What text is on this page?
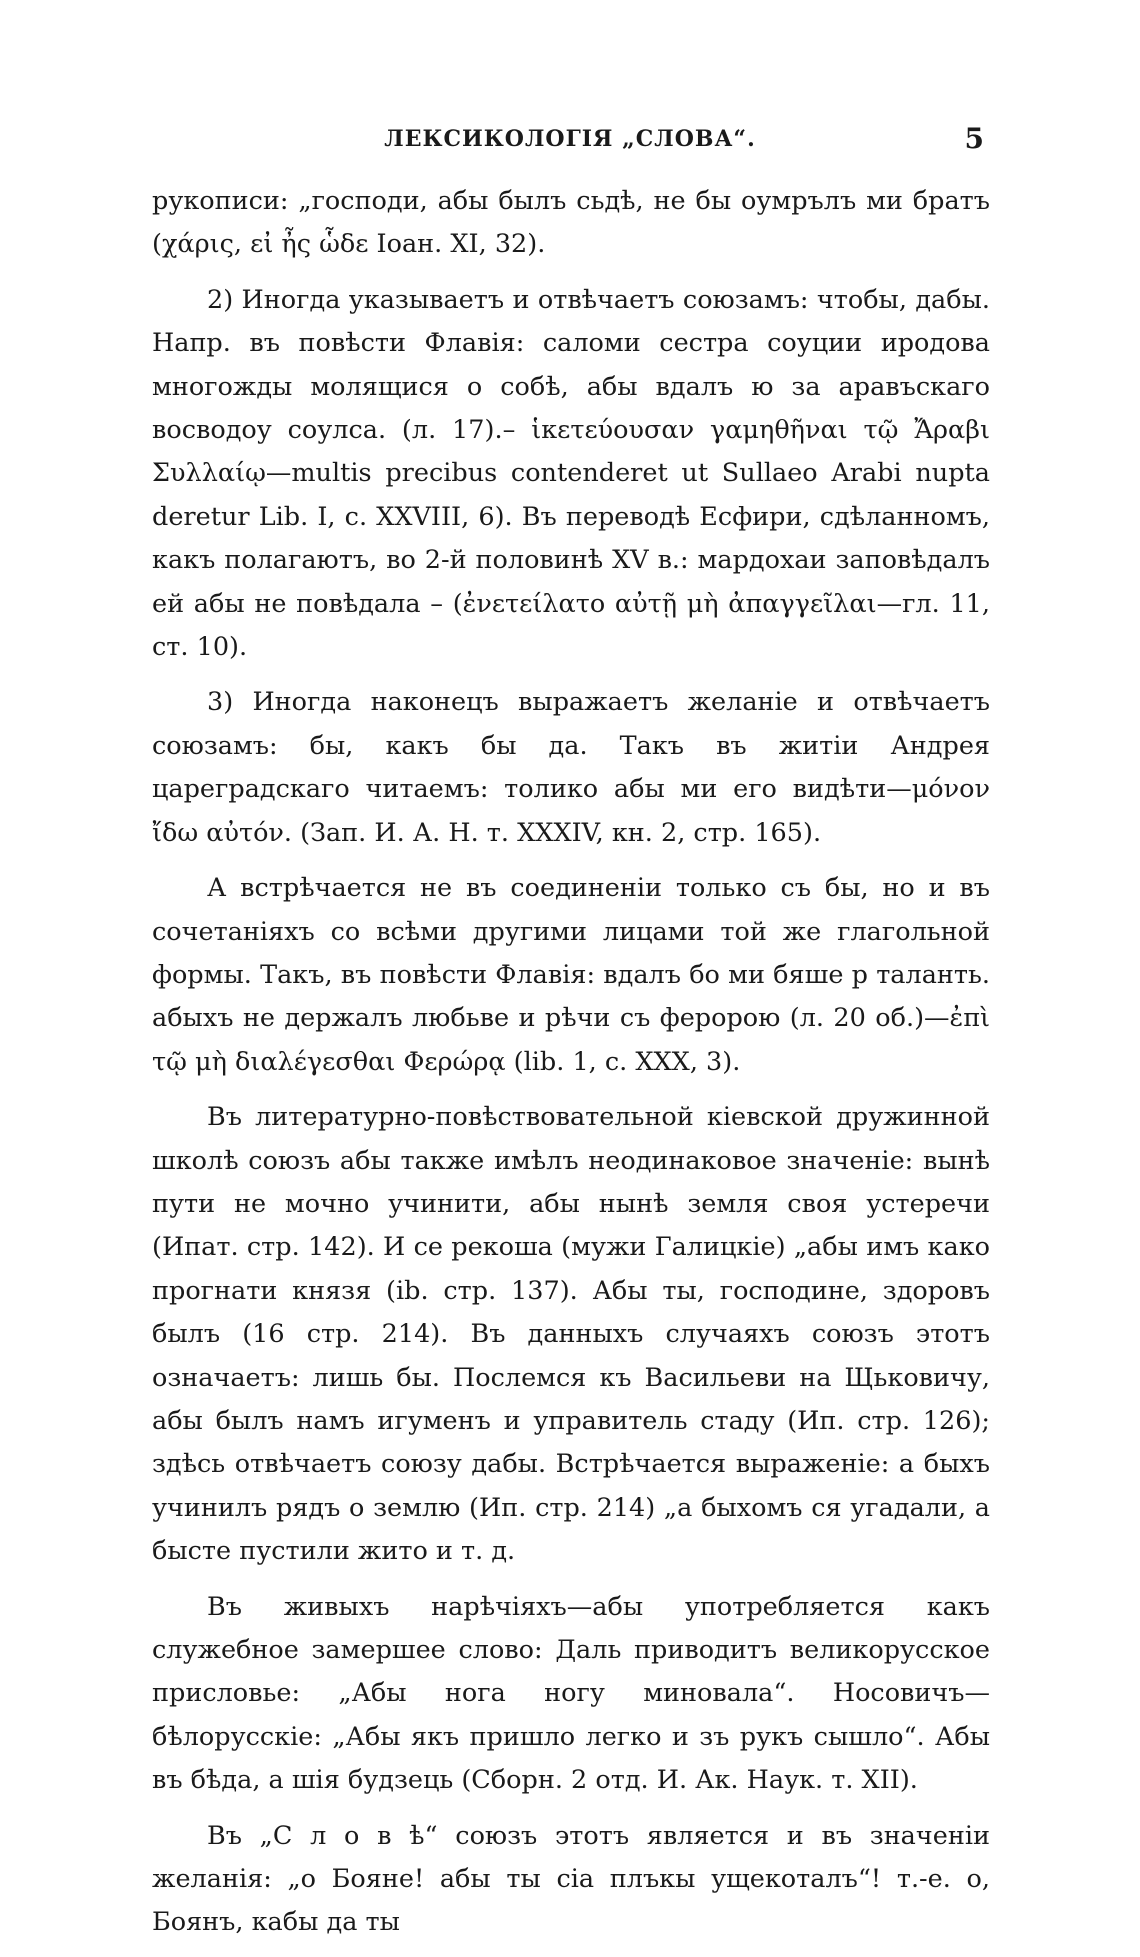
ЛЕКСИКОЛОГIЯ „СЛОВА“.	5

рукописи: „господи, абы былъ сьдѣ, не бы оумрълъ ми братъ (χάρις, εἰ ἦς ὧδε Іоан. XI, 32).

2) Иногда указываетъ и отвѣчаетъ союзамъ: чтобы, дабы. Напр. въ повѣсти Флавія: саломи сестра соуции иродова многожды молящися о собѣ, абы вдалъ ю за аравъскаго восводоу соулса. (л. 17).– ἱκετεύουσαν γαμηθῆναι τῷ Ἄραβι Συλλαίῳ—multis precibus contenderet ut Sullaeo Arabi nupta deretur Lib. I, c. XXVIII, 6). Въ переводѣ Есфири, сдѣланномъ, какъ полагаютъ, во 2-й половинѣ XV в.: мардохаи заповѣдалъ ей абы не повѣдала – (ἐνετείλατο αὐτῇ μὴ ἀπαγγεῖλαι—гл. 11, ст. 10).

3) Иногда наконецъ выражаетъ желаніе и отвѣчаетъ союзамъ: бы, какъ бы да. Такъ въ житіи Андрея цареградскаго читаемъ: толико абы ми его видѣти—μόνον ἴδω αὐτόν. (Зап. И. А. Н. т. XXXIV, кн. 2, стр. 165).

А встрѣчается не въ соединеніи только съ бы, но и въ сочетаніяхъ со всѣми другими лицами той же глагольной формы. Такъ, въ повѣсти Флавія: вдалъ бо ми бяше р таланть. абыхъ не держалъ любьве и рѣчи съ феророю (л. 20 об.)—ἐπὶ τῷ μὴ διαλέγεσθαι Φερώρᾳ (lib. 1, c. XXX, 3).

Въ литературно-повѣствовательной кіевской дружинной школѣ союзъ абы также имѣлъ неодинаковое значеніе: вынѣ пути не мочно учинити, абы нынѣ земля своя устеречи (Ипат. стр. 142). И се рекоша (мужи Галицкіе) „абы имъ како прогнати князя (ib. стр. 137). Абы ты, господине, здоровъ былъ (16 стр. 214). Въ данныхъ случаяхъ союзъ этотъ означаетъ: лишь бы. Послемся къ Васильеви на Щьковичу, абы былъ намъ игуменъ и управитель стаду (Ип. стр. 126); здѣсь отвѣчаетъ союзу дабы. Встрѣчается выраженіе: а быхъ учинилъ рядъ о землю (Ип. стр. 214) „а быхомъ ся угадали, а бысте пустили жито и т. д.

Въ живыхъ нарѣчіяхъ—абы употребляется какъ служебное замершее слово: Даль приводитъ великорусское присловье: „Абы нога ногу миновала“. Носовичъ—бѣлорусскіе: „Абы якъ пришло легко и зъ рукъ сышло“. Абы въ бѣда, а шія будзець (Сборн. 2 отд. И. Ак. Наук. т. XII).

Въ „С л о в ѣ“ союзъ этотъ является и въ значеніи желанія: „о Бояне! абы ты сіа плъкы ущекоталъ“! т.-е. о, Боянъ, кабы да ты
